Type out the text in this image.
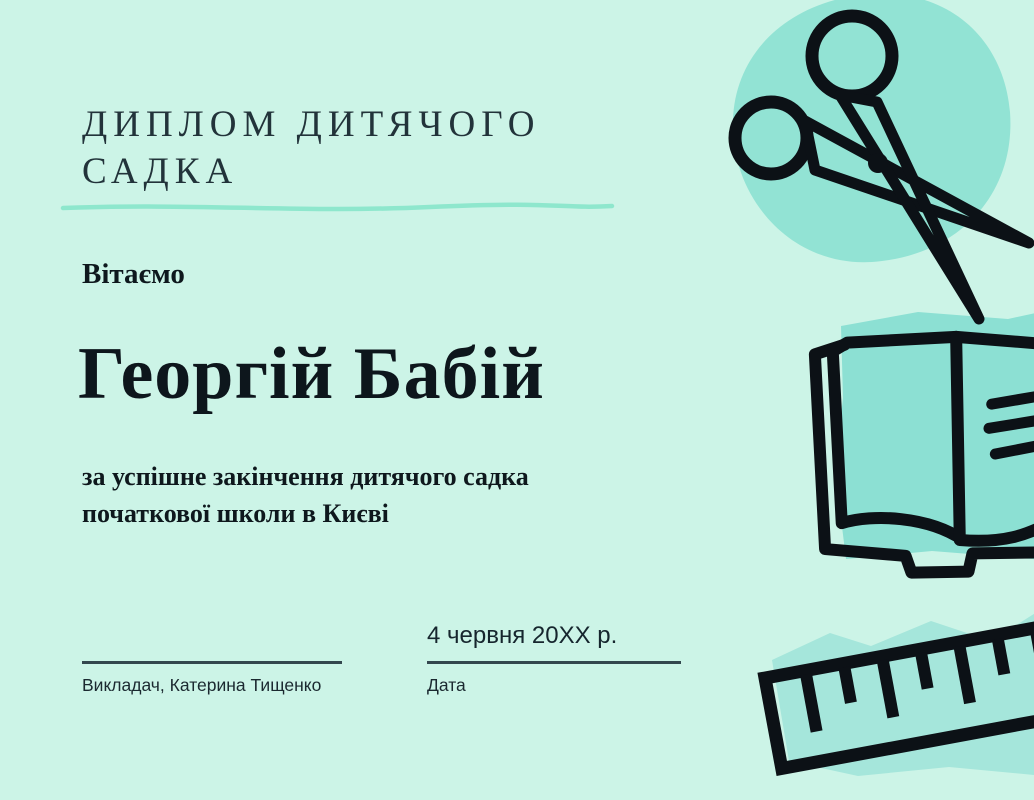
ДИПЛОМ ДИТЯЧОГО
САДКА
Вітаємо
Георгій Бабій
за успішне закінчення дитячого садка
початкової школи в Києві
4 червня 20XX р.
Викладач, Катерина Тищенко	Дата
